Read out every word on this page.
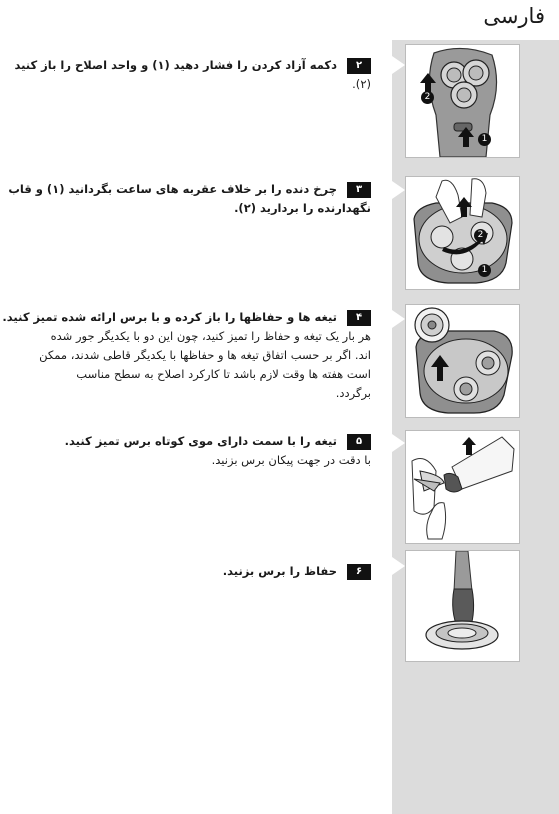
فارسی

۲دکمه آزاد کردن را فشار دهید (۱) و واحد اصلاح را باز کنید

(۲).

۳چرخ دنده را بر خلاف عقربه های ساعت بگردانید (۱) و قاب

نگهدارنده را بردارید (۲).

۴تیغه ها و حفاظها را باز کرده و با برس ارائه شده تمیز کنید.

هر بار یک تیغه و حفاظ را تمیز کنید، چون این دو با یکدیگر جور شده

اند. اگر بر حسب اتفاق تیغه ها و حفاظها با یکدیگر قاطی شدند، ممکن

است هفته ها وقت لازم باشد تا کارکرد اصلاح به سطح مناسب

برگردد.

۵تیغه را با سمت دارای موی کوتاه برس تمیز کنید.

با دقت در جهت پیکان برس بزنید.

۶حفاظ را برس بزنید.

1
2
1
2
